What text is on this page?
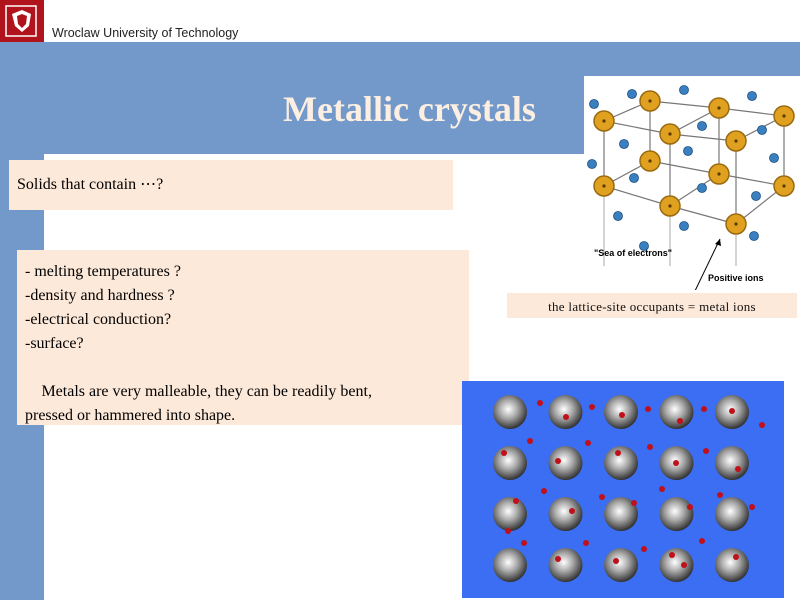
Wroclaw University of Technology
Metallic crystals
Solids that contain ⋯?
- melting temperatures ?
-density and hardness ?
-electrical conduction?
-surface?
Metals are very malleable, they can be readily bent,
pressed or hammered into shape.
"Sea of electrons"
Positive ions
the lattice-site occupants = metal ions
